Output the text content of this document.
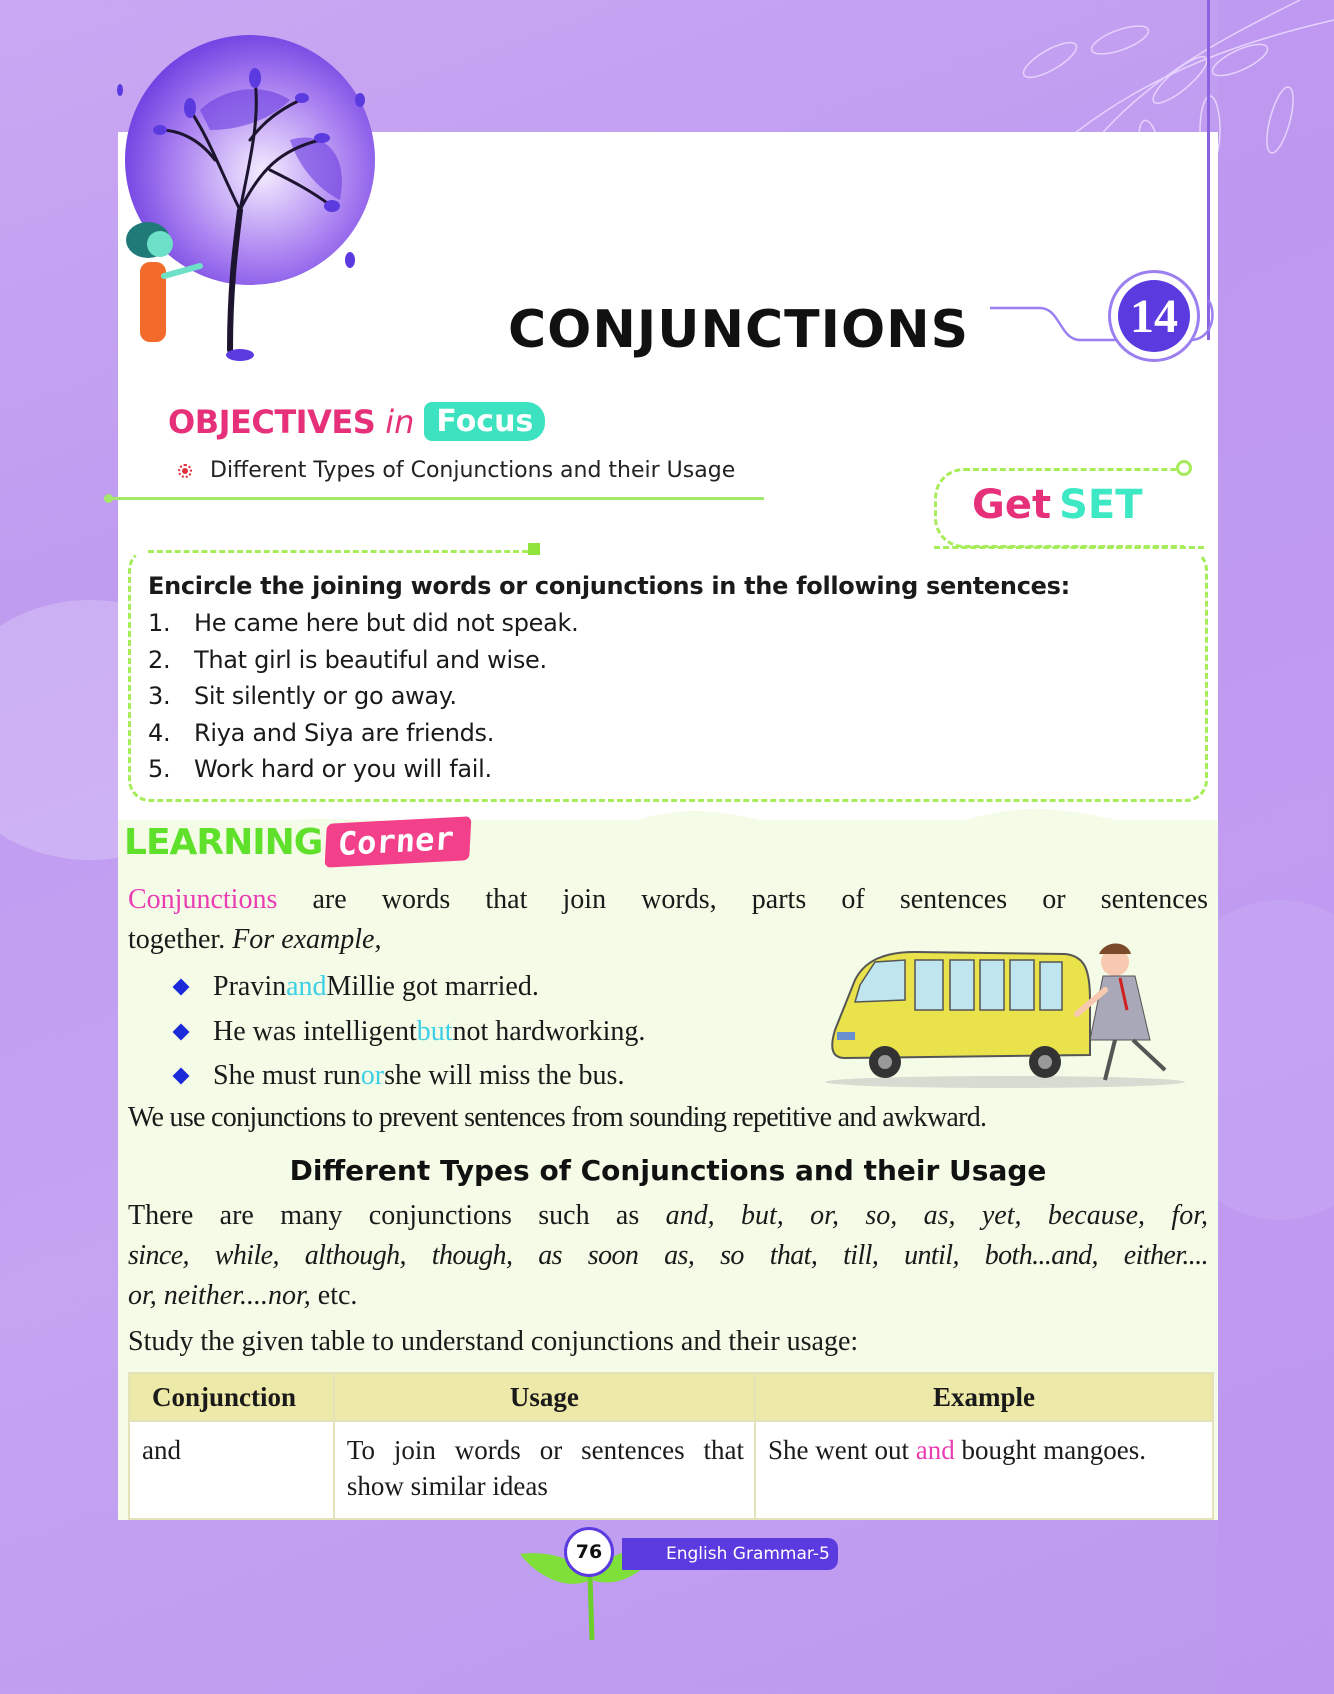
CONJUNCTIONS	14
OBJECTIVES in Focus
Different Types of Conjunctions and their Usage
Get SET
Encircle the joining words or conjunctions in the following sentences:
1. He came here but did not speak.
2. That girl is beautiful and wise.
3. Sit silently or go away.
4. Riya and Siya are friends.
5. Work hard or you will fail.
LEARNING Corner
Conjunctions are words that join words, parts of sentences or sentences
together. For example,
Pravin and Millie got married.
He was intelligent but not hardworking.
She must run or she will miss the bus.
We use conjunctions to prevent sentences from sounding repetitive and awkward.
Different Types of Conjunctions and their Usage
There are many conjunctions such as and, but, or, so, as, yet, because, for,
since, while, although, though, as soon as, so that, till, until, both...and, either....
or, neither....nor, etc.
Study the given table to understand conjunctions and their usage:
Conjunction	Usage	Example
and	To join words or sentences that show similar ideas	She went out and bought mangoes.
English Grammar-5
76
